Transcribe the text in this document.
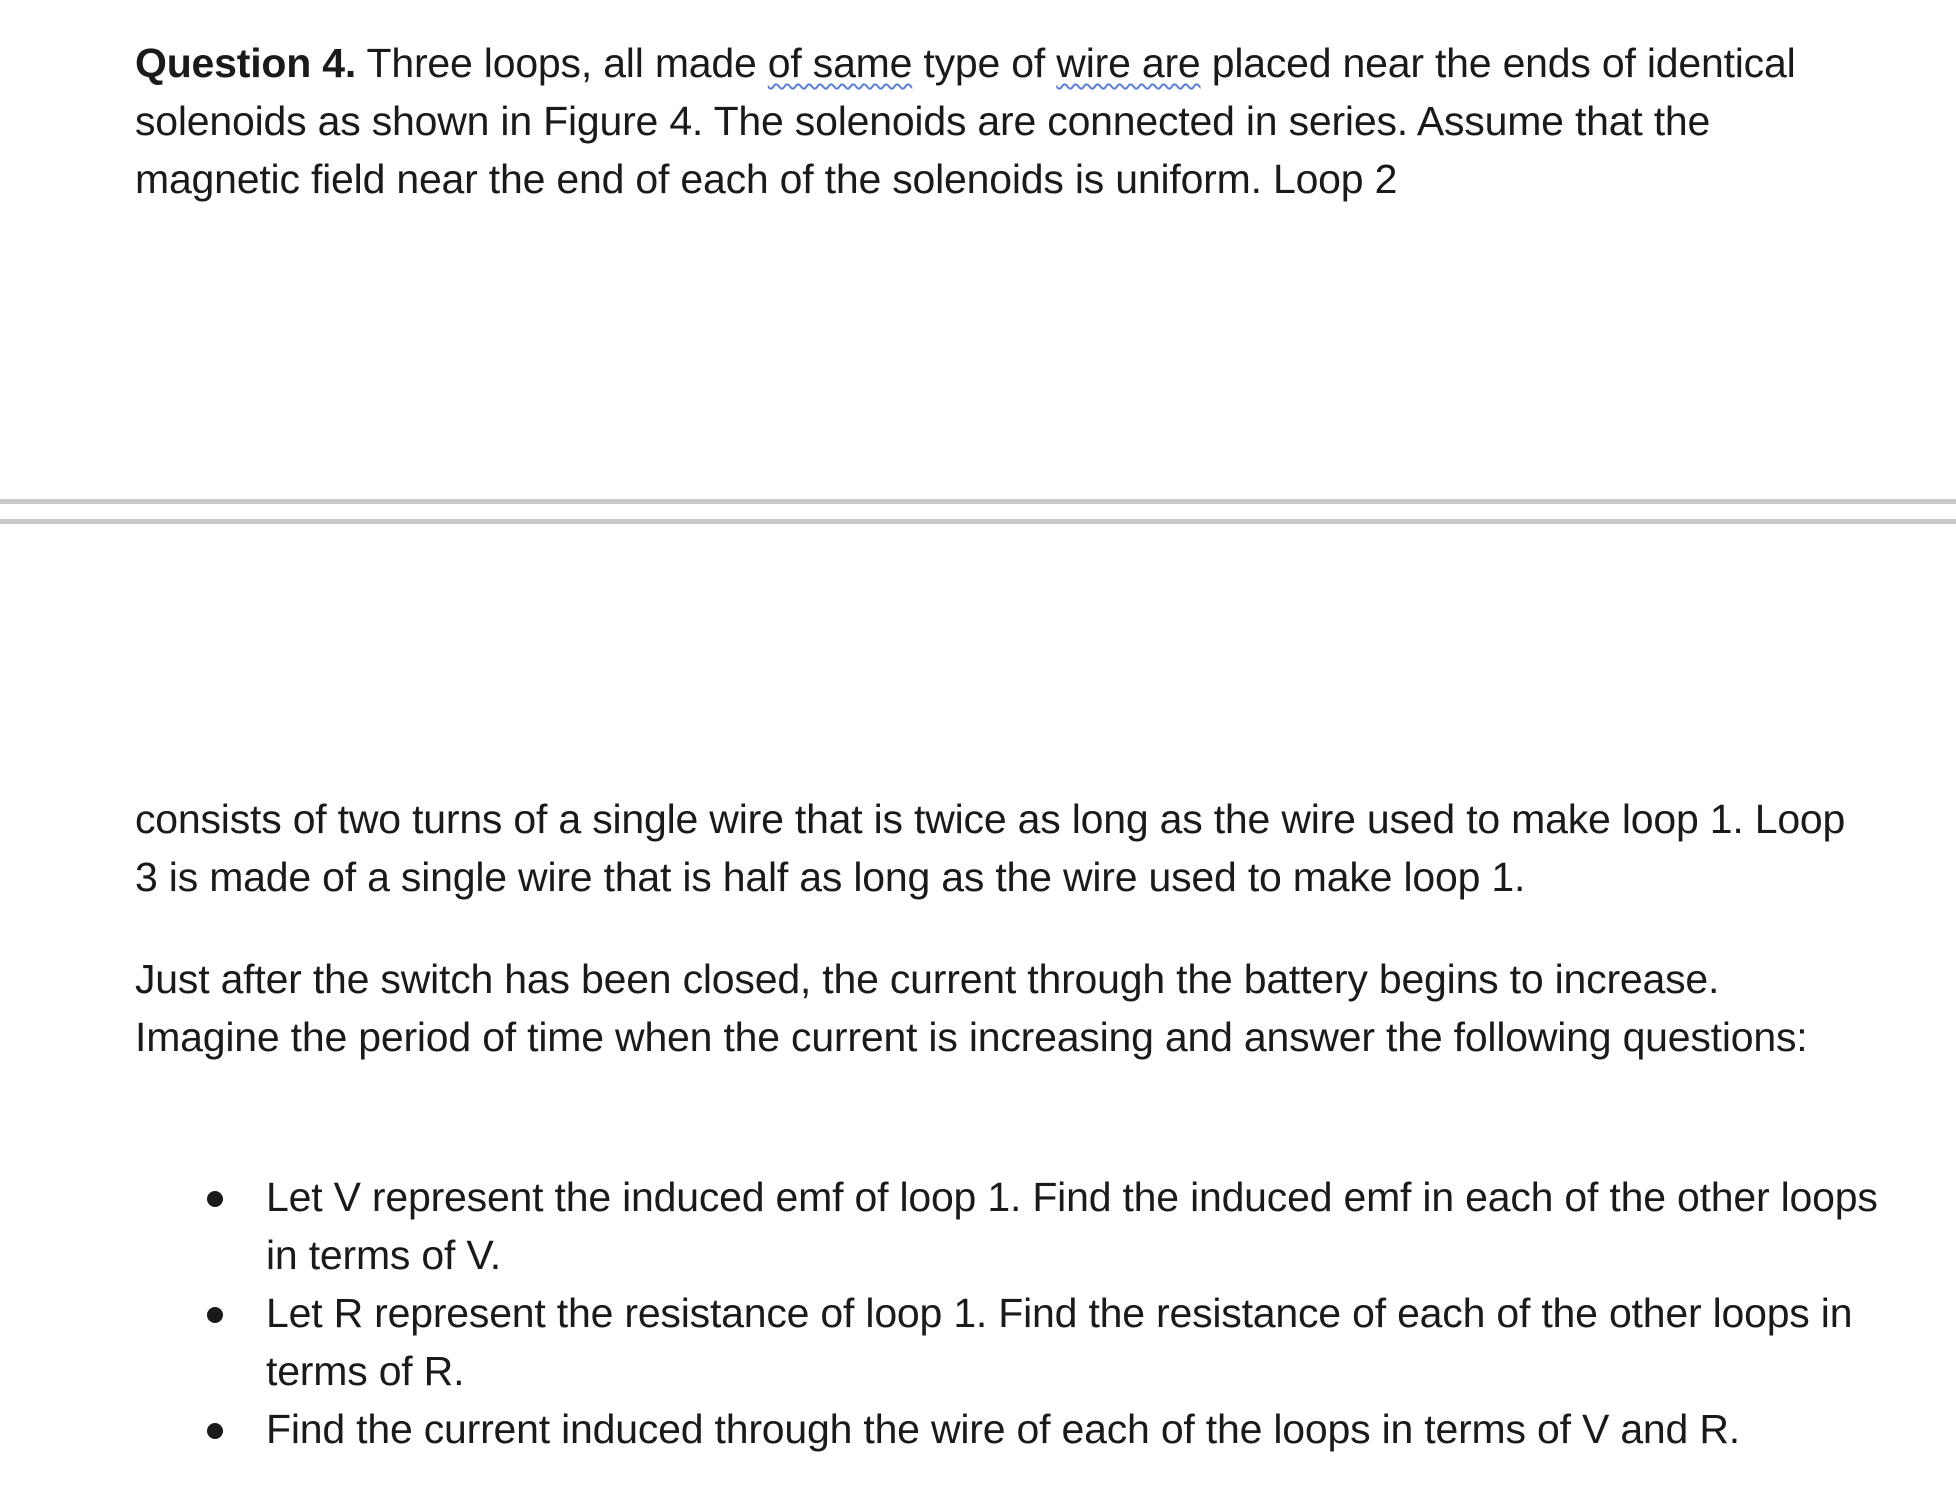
Question 4. Three loops, all made of same type of wire are placed near the ends of identical solenoids as shown in Figure 4. The solenoids are connected in series. Assume that the magnetic field near the end of each of the solenoids is uniform. Loop 2

consists of two turns of a single wire that is twice as long as the wire used to make loop 1. Loop 3 is made of a single wire that is half as long as the wire used to make loop 1.

Just after the switch has been closed, the current through the battery begins to increase. Imagine the period of time when the current is increasing and answer the following questions:

Let V represent the induced emf of loop 1. Find the induced emf in each of the other loops in terms of V.
Let R represent the resistance of loop 1. Find the resistance of each of the other loops in terms of R.
Find the current induced through the wire of each of the loops in terms of V and R.
